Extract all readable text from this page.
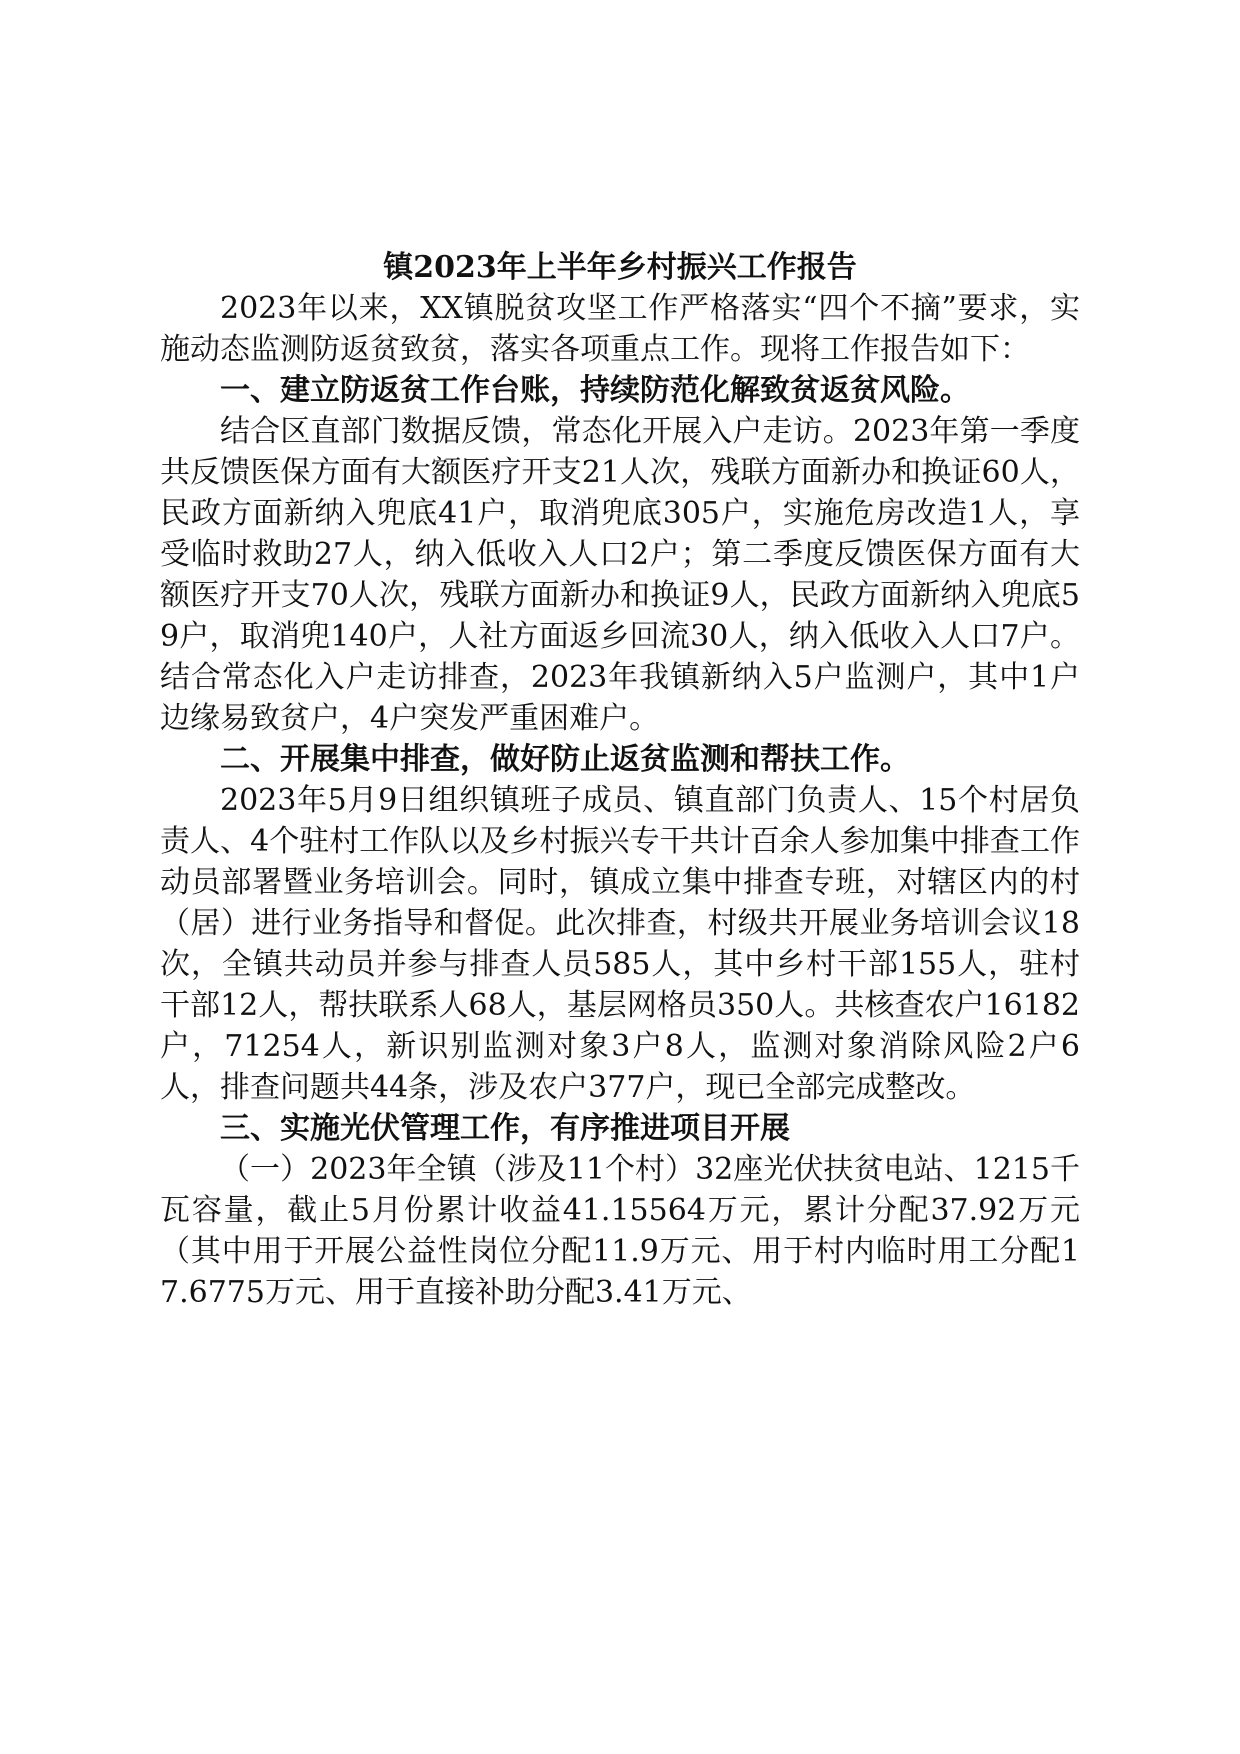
镇2023年上半年乡村振兴工作报告

2023年以来，XX镇脱贫攻坚工作严格落实“四个不摘”要求，实施动态监测防返贫致贫，落实各项重点工作。现将工作报告如下：

一、建立防返贫工作台账，持续防范化解致贫返贫风险。

结合区直部门数据反馈，常态化开展入户走访。2023年第一季度共反馈医保方面有大额医疗开支21人次，残联方面新办和换证60人，民政方面新纳入兜底41户，取消兜底305户，实施危房改造1人，享受临时救助27人，纳入低收入人口2户；第二季度反馈医保方面有大额医疗开支70人次，残联方面新办和换证9人，民政方面新纳入兜底59户，取消兜140户，人社方面返乡回流30人，纳入低收入人口7户。结合常态化入户走访排查，2023年我镇新纳入5户监测户，其中1户边缘易致贫户，4户突发严重困难户。

二、开展集中排查，做好防止返贫监测和帮扶工作。

2023年5月9日组织镇班子成员、镇直部门负责人、15个村居负责人、4个驻村工作队以及乡村振兴专干共计百余人参加集中排查工作动员部署暨业务培训会。同时，镇成立集中排查专班，对辖区内的村（居）进行业务指导和督促。此次排查，村级共开展业务培训会议18次，全镇共动员并参与排查人员585人，其中乡村干部155人，驻村干部12人，帮扶联系人68人，基层网格员350人。共核查农户16182户，71254人，新识别监测对象3户8人，监测对象消除风险2户6人，排查问题共44条，涉及农户377户，现已全部完成整改。

三、实施光伏管理工作，有序推进项目开展

（一）2023年全镇（涉及11个村）32座光伏扶贫电站、1215千瓦容量，截止5月份累计收益41.15564万元，累计分配37.92万元（其中用于开展公益性岗位分配11.9万元、用于村内临时用工分配17.6775万元、用于直接补助分配3.41万元、
